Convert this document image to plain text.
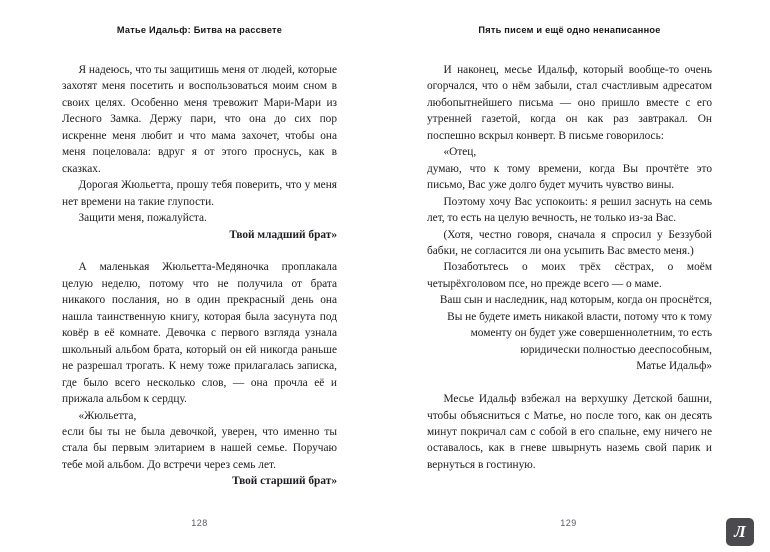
Матье Идальф: Битва на рассвете

Я надеюсь, что ты защитишь меня от людей, которые захотят меня посетить и воспользоваться моим сном в своих целях. Особенно меня тревожит Мари-Мари из Лесного Замка. Держу пари, что она до сих пор искренне меня любит и что мама захочет, чтобы она меня поцеловала: вдруг я от этого проснусь, как в сказках.

Дорогая Жюльетта, прошу тебя поверить, что у меня нет времени на такие глупости.

Защити меня, пожалуйста.

Твой младший брат»

А маленькая Жюльетта-Медяночка проплакала целую неделю, потому что не получила от брата никакого послания, но в один прекрасный день она нашла таинственную книгу, которая была засунута под ковёр в её комнате. Девочка с первого взгляда узнала школьный альбом брата, который он ей никогда раньше не разрешал трогать. К нему тоже прилагалась записка, где было всего несколько слов, — она прочла её и прижала альбом к сердцу.

«Жюльетта,

если бы ты не была девочкой, уверен, что именно ты стала бы первым элитарием в нашей семье. Поручаю тебе мой альбом. До встречи через семь лет.

Твой старший брат»

128
Пять писем и ещё одно ненаписанное

И наконец, месье Идальф, который вообще-то очень огорчался, что о нём забыли, стал счастливым адресатом любопытнейшего письма — оно пришло вместе с его утренней газетой, когда он как раз завтракал. Он поспешно вскрыл конверт. В письме говорилось:

«Отец,

думаю, что к тому времени, когда Вы прочтёте это письмо, Вас уже долго будет мучить чувство вины.

Поэтому хочу Вас успокоить: я решил заснуть на семь лет, то есть на целую вечность, не только из-за Вас.

(Хотя, честно говоря, сначала я спросил у Беззубой бабки, не согласится ли она усыпить Вас вместо меня.)

Позаботьтесь о моих трёх сёстрах, о моём четырёхголовом псе, но прежде всего — о маме.

Ваш сын и наследник, над которым, когда он проснётся, Вы не будете иметь никакой власти, потому что к тому моменту он будет уже совершеннолетним, то есть юридически полностью дееспособным,

Матье Идальф»

Месье Идальф взбежал на верхушку Детской башни, чтобы объясниться с Матье, но после того, как он десять минут покричал сам с собой в его спальне, ему ничего не оставалось, как в гневе швырнуть наземь свой парик и вернуться в гостиную.

129	Л
